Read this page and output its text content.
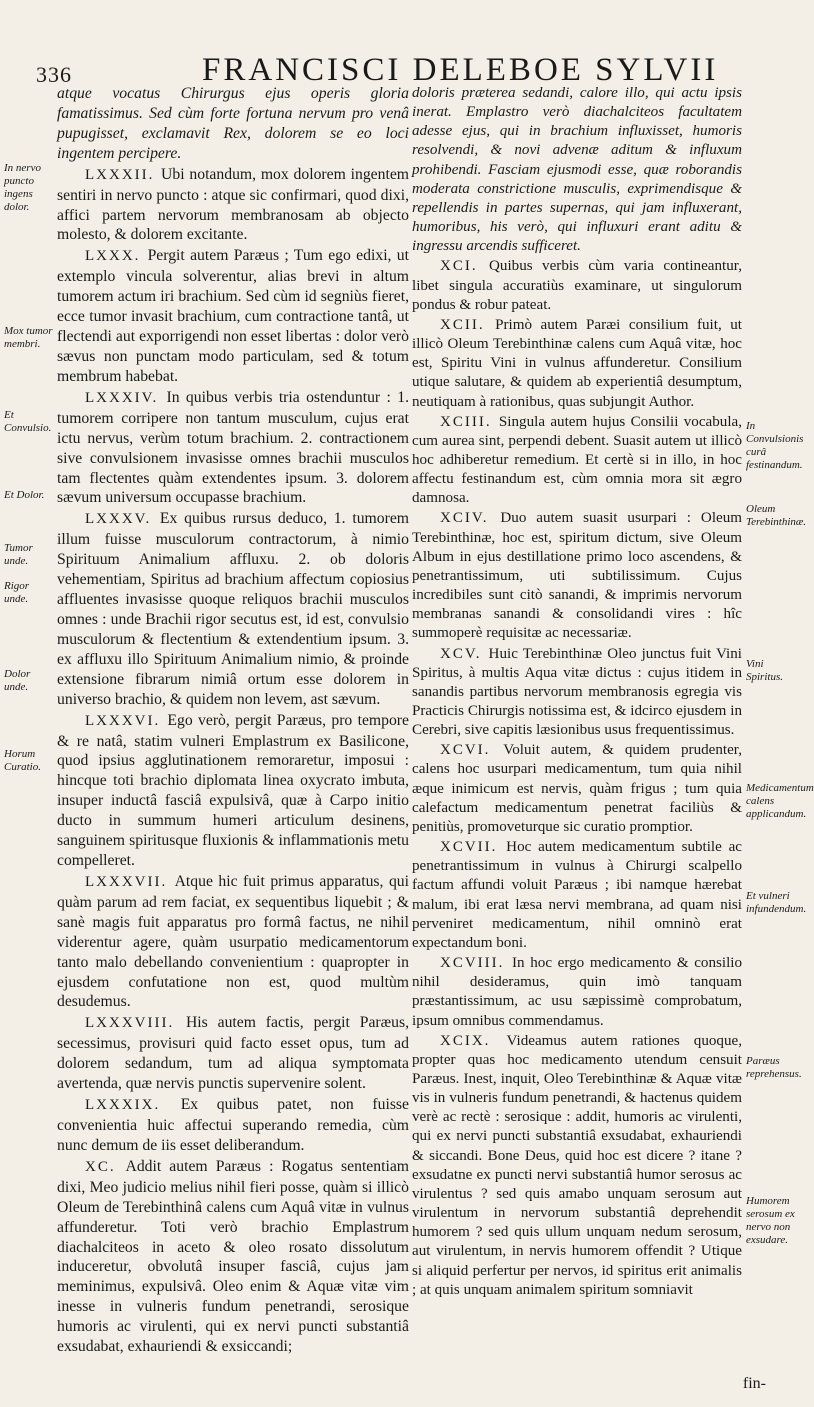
336	FRANCISCI DELEBOE SYLVII

atque vocatus Chirurgus ejus operis gloria famatissimus. Sed cùm forte fortuna nervum pro venâ pupugisset, exclamavit Rex, dolorem se eo loci ingentem percipere.

LXXXII. Ubi notandum, mox dolorem ingentem sentiri in nervo puncto : atque sic confirmari, quod dixi, affici partem nervorum membranosam ab objecto molesto, & dolorem excitante.

LXXX. Pergit autem Paræus ; Tum ego edixi, ut extemplo vincula solverentur, alias brevi in altum tumorem actum iri brachium. Sed cùm id segniùs fieret, ecce tumor invasit brachium, cum contractione tantâ, ut flectendi aut exporrigendi non esset libertas : dolor verò sævus non punctam modo particulam, sed & totum membrum habebat.

LXXXIV. In quibus verbis tria ostenduntur : 1. tumorem corripere non tantum musculum, cujus erat ictu nervus, verùm totum brachium. 2. contractionem sive convulsionem invasisse omnes brachii musculos tam flectentes quàm extendentes ipsum. 3. dolorem sævum universum occupasse brachium.

LXXXV. Ex quibus rursus deduco, 1. tumorem illum fuisse musculorum contractorum, à nimio Spirituum Animalium affluxu. 2. ob doloris vehementiam, Spiritus ad brachium affectum copiosius affluentes invasisse quoque reliquos brachii musculos omnes : unde Brachii rigor secutus est, id est, convulsio musculorum & flectentium & extendentium ipsum. 3. ex affluxu illo Spirituum Animalium nimio, & proinde extensione fibrarum nimiâ ortum esse dolorem in universo brachio, & quidem non levem, ast sævum.

LXXXVI. Ego verò, pergit Paræus, pro tempore & re natâ, statim vulneri Emplastrum ex Basilicone, quod ipsius agglutinationem remoraretur, imposui : hincque toti brachio diplomata linea oxycrato imbuta, insuper inductâ fasciâ expulsivâ, quæ à Carpo initio ducto in summum humeri articulum desinens, sanguinem spiritusque fluxionis & inflammationis metu compelleret.

LXXXVII. Atque hic fuit primus apparatus, qui quàm parum ad rem faciat, ex sequentibus liquebit ; & sanè magis fuit apparatus pro formâ factus, ne nihil viderentur agere, quàm usurpatio medicamentorum tanto malo debellando convenientium : quapropter in ejusdem confutatione non est, quod multùm desudemus.

LXXXVIII. His autem factis, pergit Paræus, secessimus, provisuri quid facto esset opus, tum ad dolorem sedandum, tum ad aliqua symptomata avertenda, quæ nervis punctis supervenire solent.

LXXXIX. Ex quibus patet, non fuisse convenientia huic affectui superando remedia, cùm nunc demum de iis esset deliberandum.

XC. Addit autem Paræus : Rogatus sententiam dixi, Meo judicio melius nihil fieri posse, quàm si illicò Oleum de Terebinthinâ calens cum Aquâ vitæ in vulnus affunderetur. Toti verò brachio Emplastrum diachalciteos in aceto & oleo rosato dissolutum induceretur, obvolutâ insuper fasciâ, cujus jam meminimus, expulsivâ. Oleo enim & Aquæ vitæ vim inesse in vulneris fundum penetrandi, serosique humoris ac virulenti, qui ex nervi puncti substantiâ exsudabat, exhauriendi & exsiccandi;

doloris præterea sedandi, calore illo, qui actu ipsis inerat. Emplastro verò diachalciteos facultatem adesse ejus, qui in brachium influxisset, humoris resolvendi, & novi advenæ aditum & influxum prohibendi. Fasciam ejusmodi esse, quæ roborandis moderata constrictione musculis, exprimendisque & repellendis in partes supernas, qui jam influxerant, humoribus, his verò, qui influxuri erant aditu & ingressu arcendis sufficeret.

XCI. Quibus verbis cùm varia contineantur, libet singula accuratiùs examinare, ut singulorum pondus & robur pateat.

XCII. Primò autem Paræi consilium fuit, ut illicò Oleum Terebinthinæ calens cum Aquâ vitæ, hoc est, Spiritu Vini in vulnus affunderetur. Consilium utique salutare, & quidem ab experientiâ desumptum, neutiquam à rationibus, quas subjungit Author.

XCIII. Singula autem hujus Consilii vocabula, cum aurea sint, perpendi debent. Suasit autem ut illicò hoc adhiberetur remedium. Et certè si in illo, in hoc affectu festinandum est, cùm omnia mora sit ægro damnosa.

XCIV. Duo autem suasit usurpari : Oleum Terebinthinæ, hoc est, spiritum dictum, sive Oleum Album in ejus destillatione primo loco ascendens, & penetrantissimum, uti subtilissimum. Cujus incredibiles sunt citò sanandi, & imprimis nervorum membranas sanandi & consolidandi vires : hîc summoperè requisitæ ac necessariæ.

XCV. Huic Terebinthinæ Oleo junctus fuit Vini Spiritus, à multis Aqua vitæ dictus : cujus itidem in sanandis partibus nervorum membranosis egregia vis Practicis Chirurgis notissima est, & idcirco ejusdem in Cerebri, sive capitis læsionibus usus frequentissimus.

XCVI. Voluit autem, & quidem prudenter, calens hoc usurpari medicamentum, tum quia nihil æque inimicum est nervis, quàm frigus ; tum quia calefactum medicamentum penetrat faciliùs & penitiùs, promoveturque sic curatio promptior.

XCVII. Hoc autem medicamentum subtile ac penetrantissimum in vulnus à Chirurgi scalpello factum affundi voluit Paræus ; ibi namque hærebat malum, ibi erat læsa nervi membrana, ad quam nisi perveniret medicamentum, nihil omninò erat expectandum boni.

XCVIII. In hoc ergo medicamento & consilio nihil desideramus, quin imò tanquam præstantissimum, ac usu sæpissimè comprobatum, ipsum omnibus commendamus.

XCIX. Videamus autem rationes quoque, propter quas hoc medicamento utendum censuit Paræus. Inest, inquit, Oleo Terebinthinæ & Aquæ vitæ vis in vulneris fundum penetrandi, & hactenus quidem verè ac rectè : serosique : addit, humoris ac virulenti, qui ex nervi puncti substantiâ exsudabat, exhauriendi & siccandi. Bone Deus, quid hoc est dicere ? itane ? exsudatne ex puncti nervi substantiâ humor serosus ac virulentus ? sed quis amabo unquam serosum aut virulentum in nervorum substantiâ deprehendit humorem ? sed quis ullum unquam nedum serosum, aut virulentum, in nervis humorem offendit ? Utique si aliquid perfertur per nervos, id spiritus erit animalis ; at quis unquam animalem spiritum somniavit

In nervo puncto ingens dolor.
Mox tumor membri.
Et Convulsio.
Et Dolor.
Tumor unde.
Rigor unde.
Dolor unde.
Horum Curatio.
In Convulsionis curâ festinandum.
Oleum Terebinthinæ.
Vini Spiritus.
Medicamentum calens applicandum.
Et vulneri infundendum.
Paræus reprehensus.
Humorem serosum ex nervo non exsudare.
fin-
